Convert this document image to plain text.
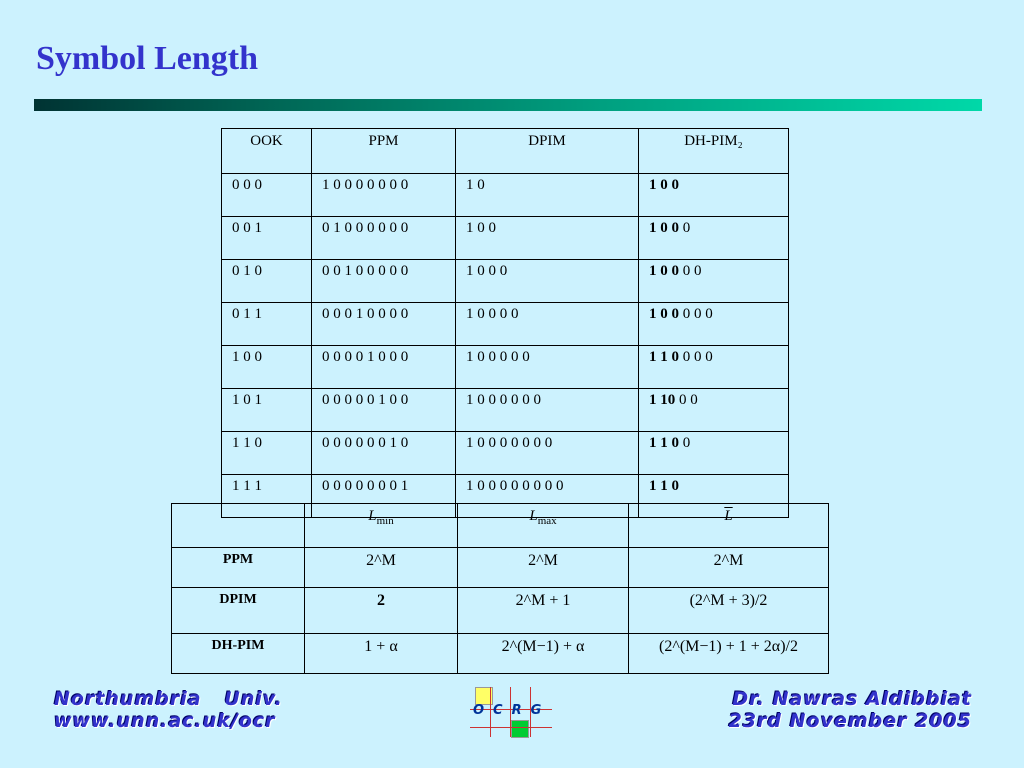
Symbol Length
OOK	PPM	DPIM	DH-PIM₂
0 0 0	1 0 0 0 0 0 0 0	1 0	1 0 0
0 0 1	0 1 0 0 0 0 0 0	1 0 0	1 0 0 0
0 1 0	0 0 1 0 0 0 0 0	1 0 0 0	1 0 0 0 0
0 1 1	0 0 0 1 0 0 0 0	1 0 0 0 0	1 0 0 0 0 0
1 0 0	0 0 0 0 1 0 0 0	1 0 0 0 0 0	1 1 0 0 0 0
1 0 1	0 0 0 0 0 1 0 0	1 0 0 0 0 0 0	1 10 0 0
1 1 0	0 0 0 0 0 0 1 0	1 0 0 0 0 0 0 0	1 1 0 0
1 1 1	0 0 0 0 0 0 0 1	1 0 0 0 0 0 0 0 0	1 1 0
	$L_{min}$	$L_{max}$	$\overline{L}$
PPM	2^M	2^M	2^M
DPIM	2	2^M + 1	(2^M + 3)/2
DH-PIM	1 + α	2^(M−1) + α	(2^(M−1) + 1 + 2α)/2
Northumbria   Univ.
www.unn.ac.uk/ocr	OCRG
Dr. Nawras Aldibbiat
23rd November 2005
